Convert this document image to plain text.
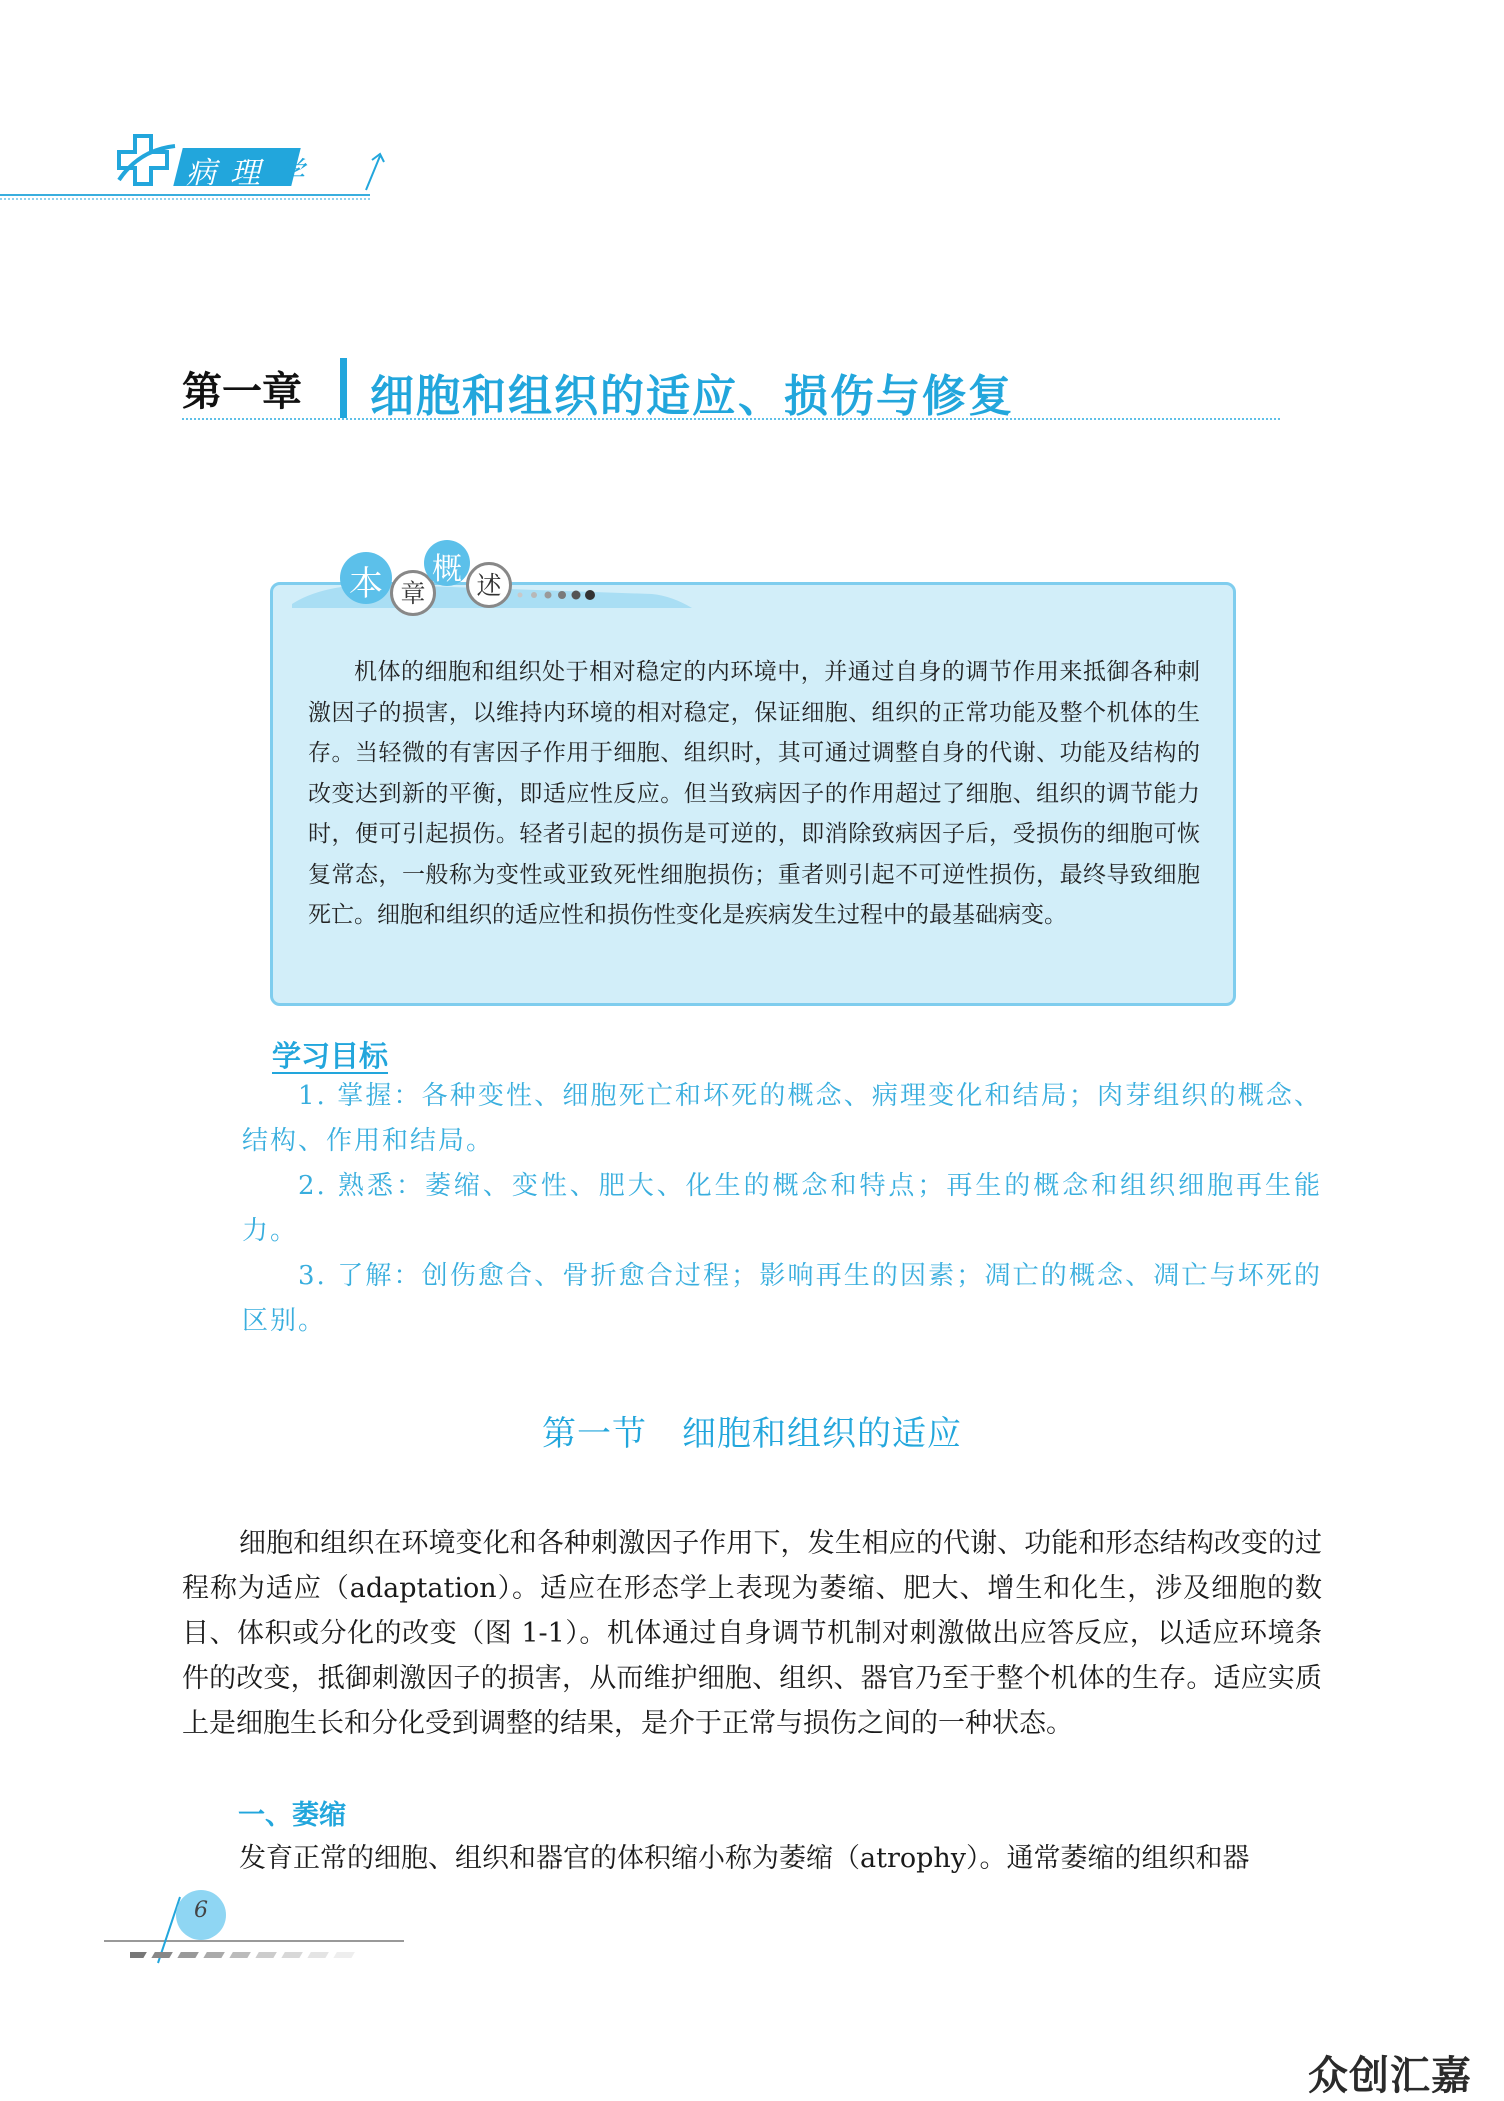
病理学
第一章 细胞和组织的适应、损伤与修复
本 章
概 述
机体的细胞和组织处于相对稳定的内环境中，并通过自身的调节作用来抵御各种刺激因子的损害，以维持内环境的相对稳定，保证细胞、组织的正常功能及整个机体的生存。当轻微的有害因子作用于细胞、组织时，其可通过调整自身的代谢、功能及结构的改变达到新的平衡，即适应性反应。但当致病因子的作用超过了细胞、组织的调节能力时，便可引起损伤。轻者引起的损伤是可逆的，即消除致病因子后，受损伤的细胞可恢复常态，一般称为变性或亚致死性细胞损伤；重者则引起不可逆性损伤，最终导致细胞死亡。细胞和组织的适应性和损伤性变化是疾病发生过程中的最基础病变。
学习目标
1. 掌握：各种变性、细胞死亡和坏死的概念、病理变化和结局；肉芽组织的概念、结构、作用和结局。
2. 熟悉：萎缩、变性、肥大、化生的概念和特点；再生的概念和组织细胞再生能力。
3. 了解：创伤愈合、骨折愈合过程；影响再生的因素；凋亡的概念、凋亡与坏死的区别。
第一节　细胞和组织的适应
细胞和组织在环境变化和各种刺激因子作用下，发生相应的代谢、功能和形态结构改变的过程称为适应（adaptation）。适应在形态学上表现为萎缩、肥大、增生和化生，涉及细胞的数目、体积或分化的改变（图 1-1）。机体通过自身调节机制对刺激做出应答反应，以适应环境条件的改变，抵御刺激因子的损害，从而维护细胞、组织、器官乃至于整个机体的生存。适应实质上是细胞生长和分化受到调整的结果，是介于正常与损伤之间的一种状态。
一、萎缩
发育正常的细胞、组织和器官的体积缩小称为萎缩（atrophy）。通常萎缩的组织和器
6
众创汇嘉
